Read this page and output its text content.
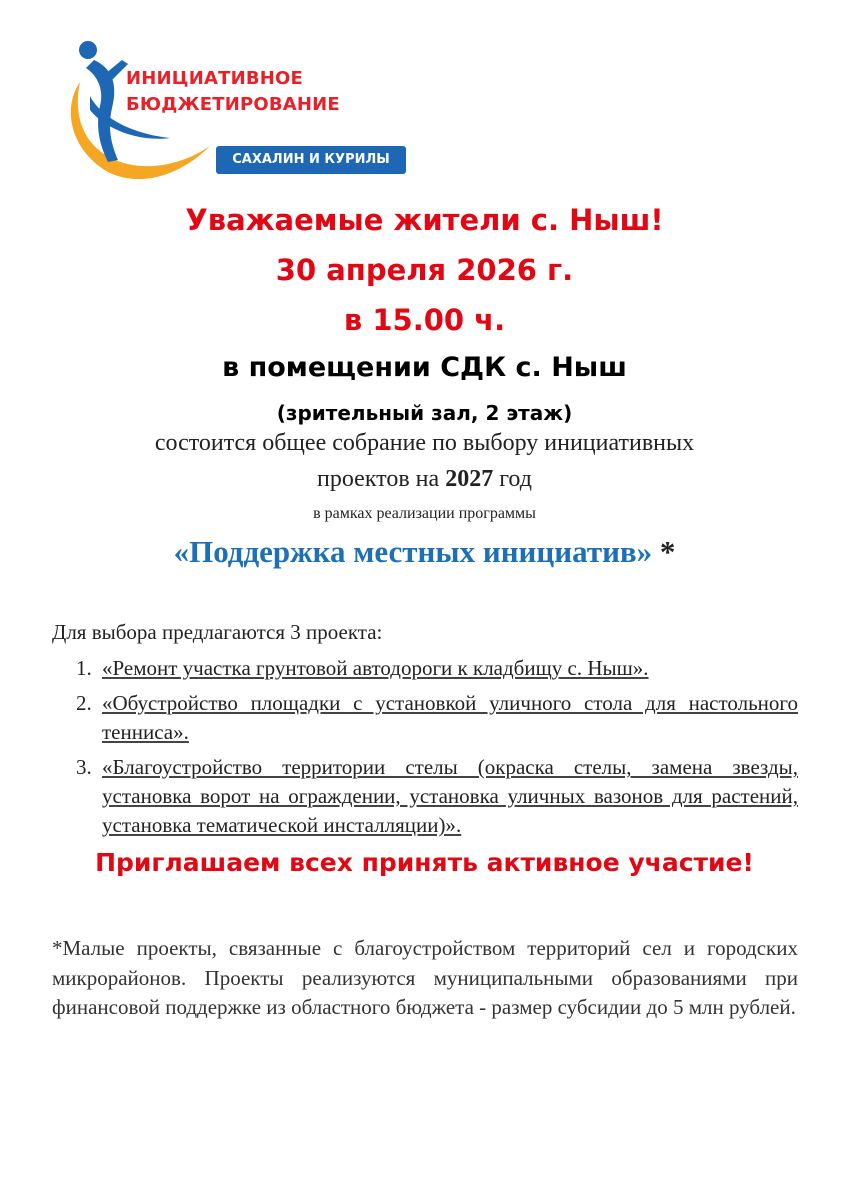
ИНИЦИАТИВНОЕ
БЮДЖЕТИРОВАНИЕ
САХАЛИН И КУРИЛЫ
Уважаемые жители с. Ныш!
30 апреля 2026 г.
в 15.00 ч.
в помещении СДК с. Ныш
(зрительный зал, 2 этаж)
состоится общее собрание по выбору инициативных
проектов на 2027 год
в рамках реализации программы
«Поддержка местных инициатив» *
Для выбора предлагаются 3 проекта:
1. «Ремонт участка грунтовой автодороги к кладбищу с. Ныш».
2. «Обустройство площадки с установкой уличного стола для настольного тенниса».
3. «Благоустройство территории стелы (окраска стелы, замена звезды, установка ворот на ограждении, установка уличных вазонов для растений, установка тематической инсталляции)».
Приглашаем всех принять активное участие!
*Малые проекты, связанные с благоустройством территорий сел и городских микрорайонов. Проекты реализуются муниципальными образованиями при финансовой поддержке из областного бюджета - размер субсидии до 5 млн рублей.
